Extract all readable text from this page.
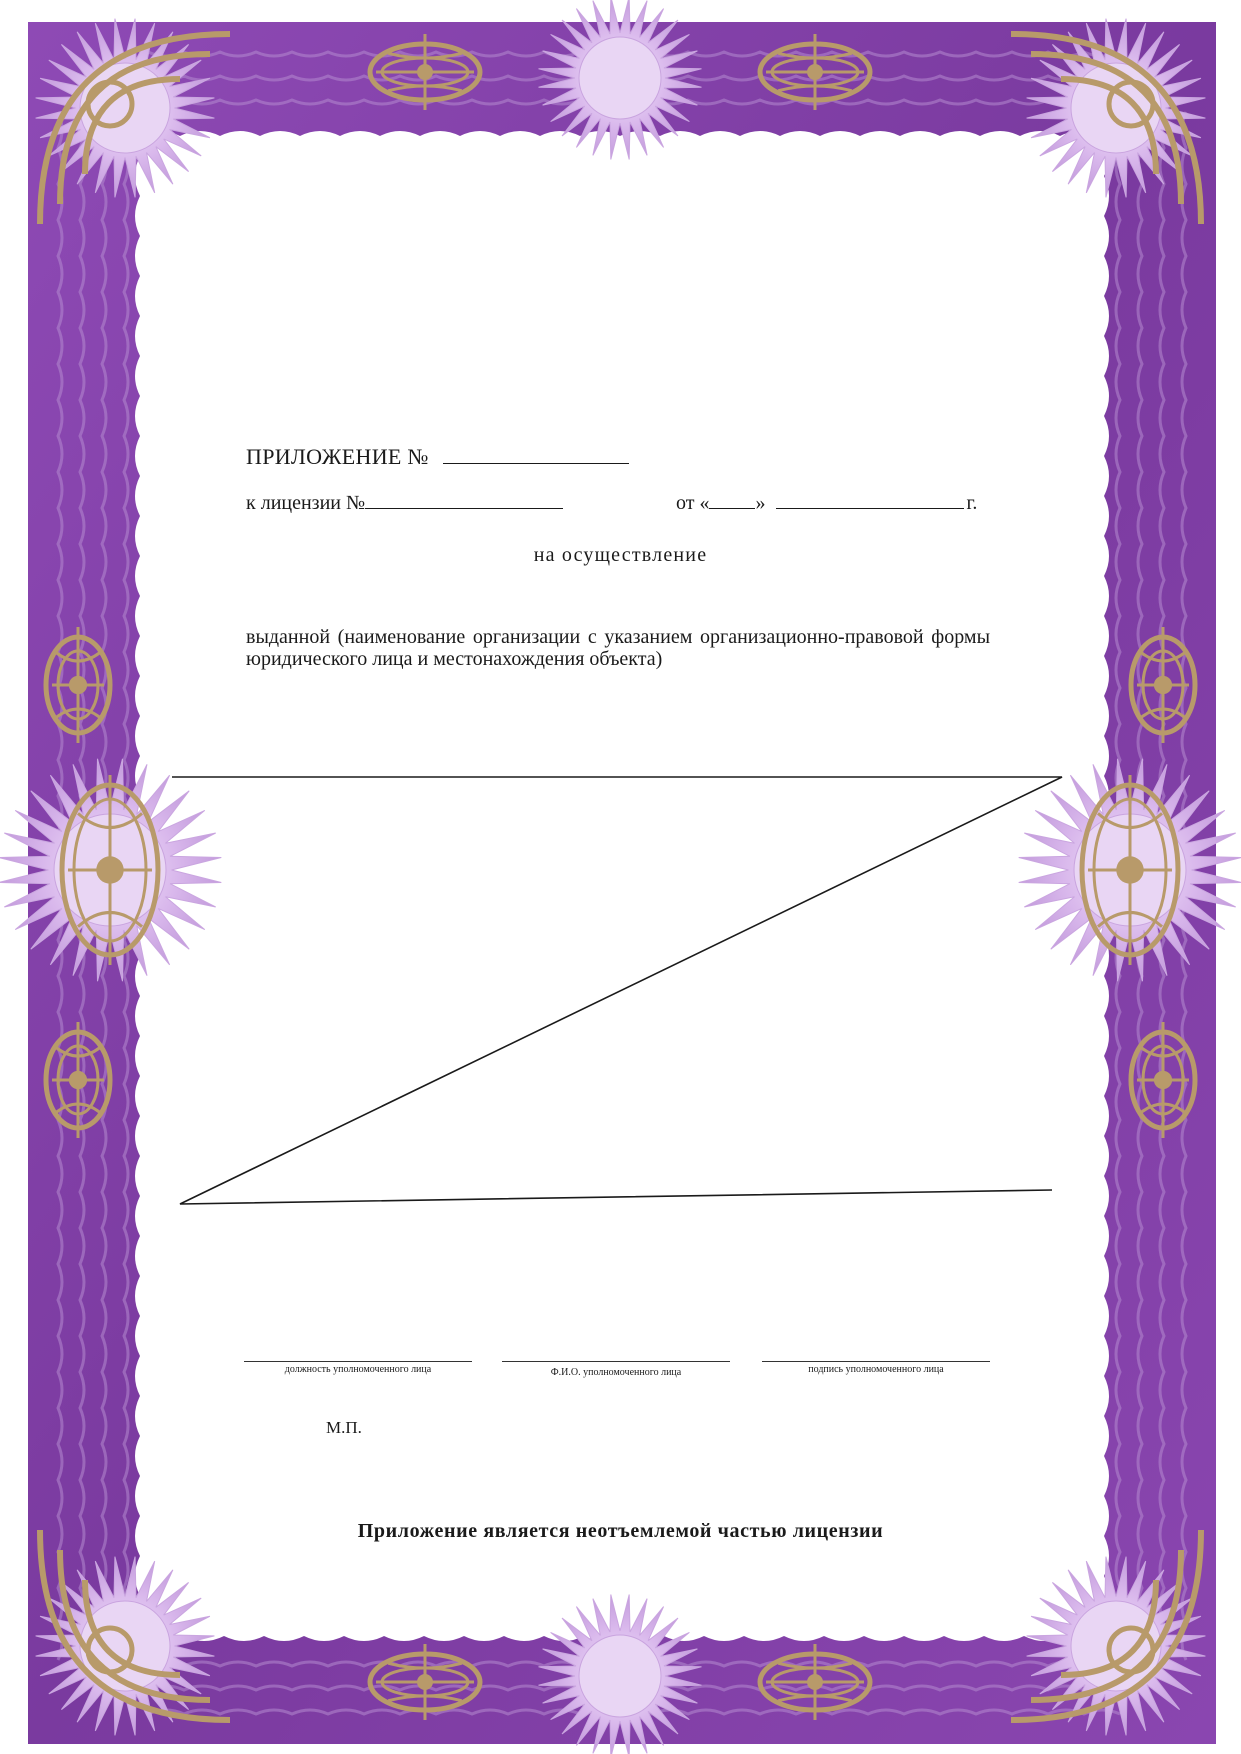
ПРИЛОЖЕНИЕ №
к лицензии №	от « »	г.
на осуществление
выданной (наименование организации с указанием организационно-правовой формы юридического лица и местонахождения объекта)
должность уполномоченного лица	Ф.И.О. уполномоченного лица	подпись уполномоченного лица
М.П.
Приложение является неотъемлемой частью лицензии
